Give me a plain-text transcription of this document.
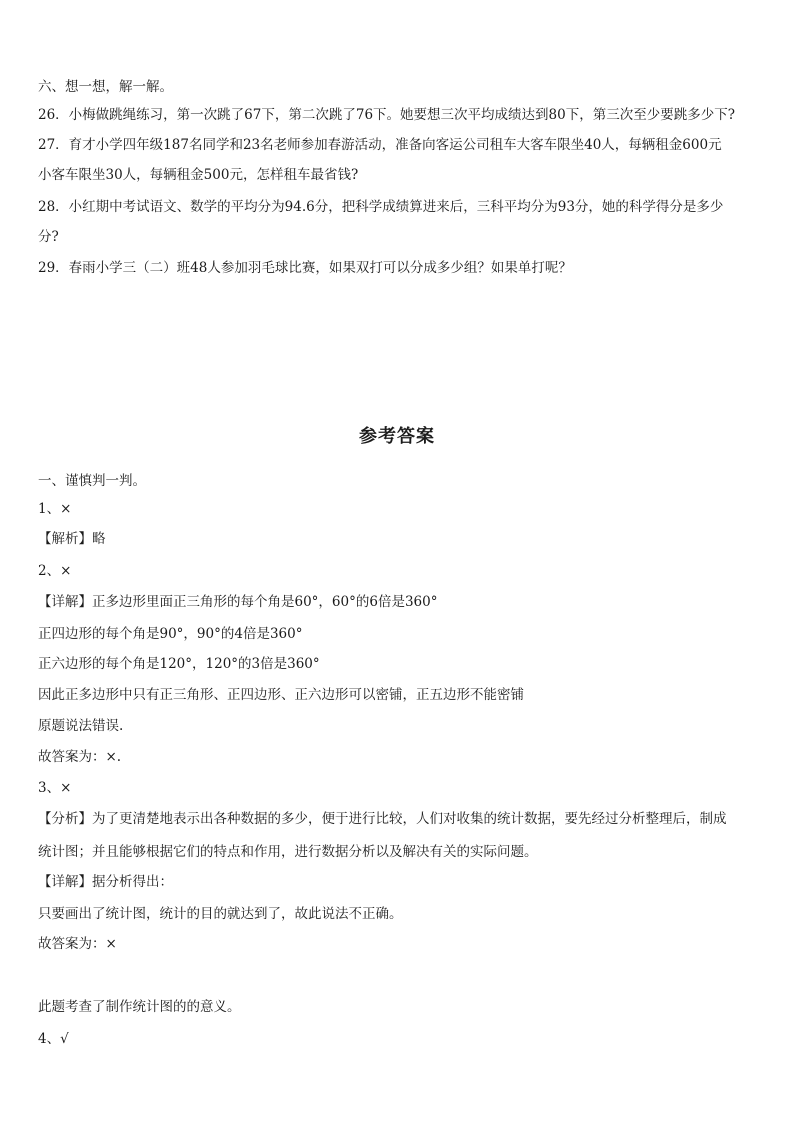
六、想一想，解一解。

26．小梅做跳绳练习，第一次跳了67下，第二次跳了76下。她要想三次平均成绩达到80下，第三次至少要跳多少下?

27．育才小学四年级187名同学和23名老师参加春游活动，准备向客运公司租车大客车限坐40人，每辆租金600元

小客车限坐30人，每辆租金500元，怎样租车最省钱?

28．小红期中考试语文、数学的平均分为94.6分，把科学成绩算进来后，三科平均分为93分，她的科学得分是多少

分?

29．春雨小学三（二）班48人参加羽毛球比赛，如果双打可以分成多少组？如果单打呢？

参考答案

一、谨慎判一判。

1、×

【解析】略

2、×

【详解】正多边形里面正三角形的每个角是60°，60°的6倍是360°

正四边形的每个角是90°，90°的4倍是360°

正六边形的每个角是120°，120°的3倍是360°

因此正多边形中只有正三角形、正四边形、正六边形可以密铺，正五边形不能密铺

原题说法错误.

故答案为：×.

3、×

【分析】为了更清楚地表示出各种数据的多少，便于进行比较，人们对收集的统计数据，要先经过分析整理后，制成

统计图；并且能够根据它们的特点和作用，进行数据分析以及解决有关的实际问题。

【详解】据分析得出：

只要画出了统计图，统计的目的就达到了，故此说法不正确。

故答案为：×

此题考查了制作统计图的的意义。

4、√
